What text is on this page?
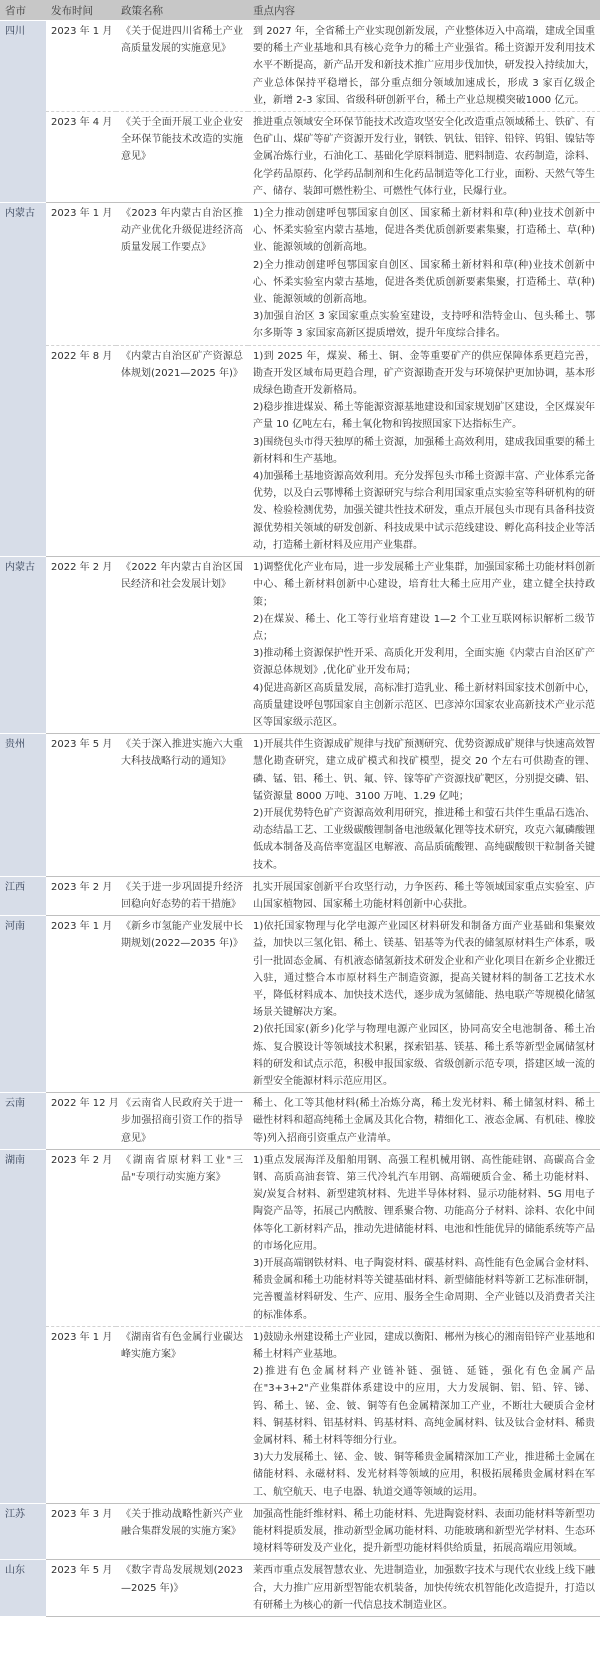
省市	发布时间	政策名称	重点内容
四川	2023 年 1 月	《关于促进四川省稀土产业高质量发展的实施意见》	到 2027 年，全省稀土产业实现创新发展，产业整体迈入中高端，建成全国重要的稀土产业基地和具有核心竞争力的稀土产业强省。稀土资源开发利用技术水平不断提高，新产品开发和新技术推广应用步伐加快，研发投入持续加大，产业总体保持平稳增长，部分重点细分领域加速成长，形成 3 家百亿级企业，新增 2-3 家国、省级科研创新平台，稀土产业总规模突破1000 亿元。

	2023 年 4 月	《关于全面开展工业企业安全环保节能技术改造的实施意见》	推进重点领域安全环保节能技术改造攻坚安全化改造重点领域稀土、铁矿、有色矿山、煤矿等矿产资源开发行业，钢铁、钒钛、铝锌、铅锌、钨钼、镍钴等金属冶炼行业，石油化工、基础化学原料制造、肥料制造、农药制造，涂料、化学药品原药、化学药品制剂和生化药品制造等化工行业，面粉、天然气等生产、储存、装卸可燃性粉尘、可燃性气体行业，民爆行业。

内蒙古	2023 年 1 月	《2023 年内蒙古自治区推动产业优化升级促进经济高质量发展工作要点》	1)全力推动创建呼包鄂国家自创区、国家稀土新材料和草(种)业技术创新中心、怀柔实验室内蒙古基地，促进各类优质创新要素集聚，打造稀土、草(种)业、能源领域的创新高地。
2)全力推动创建呼包鄂国家自创区、国家稀土新材料和草(种)业技术创新中心、怀柔实验室内蒙古基地，促进各类优质创新要素集聚，打造稀土、草(种)业、能源领域的创新高地。
3)加强自治区 3 家国家重点实验室建设，支持呼和浩特金山、包头稀土、鄂尔多斯等 3 家国家高新区提质增效，提升年度综合排名。

	2022 年 8 月	《内蒙古自治区矿产资源总体规划(2021—2025 年)》	1)到 2025 年，煤炭、稀土、铜、金等重要矿产的供应保障体系更趋完善，勘查开发区域布局更趋合理，矿产资源勘查开发与环境保护更加协调，基本形成绿色勘查开发新格局。
2)稳步推进煤炭、稀土等能源资源基地建设和国家规划矿区建设，全区煤炭年产量 10 亿吨左右，稀土氧化物和钨按照国家下达指标生产。
3)围绕包头市得天独厚的稀土资源，加强稀土高效利用，建成我国重要的稀土新材料和生产基地。
4)加强稀土基地资源高效利用。充分发挥包头市稀土资源丰富、产业体系完备优势，以及白云鄂博稀土资源研究与综合利用国家重点实验室等科研机构的研发、检验检测优势，加强关键共性技术研发，重点开展包头市现有具备科技资源优势相关领域的研发创新、科技成果中试示范线建设、孵化高科技企业等活动，打造稀土新材料及应用产业集群。

内蒙古	2022 年 2 月	《2022 年内蒙古自治区国民经济和社会发展计划》	1)调整优化产业布局，进一步发展稀土产业集群，加强国家稀土功能材料创新中心、稀土新材料创新中心建设，培育壮大稀土应用产业，建立健全扶持政策；
2)在煤炭、稀土、化工等行业培育建设 1—2 个工业互联网标识解析二级节点；
3)推动稀土资源保护性开采、高质化开发利用，全面实施《内蒙古自治区矿产资源总体规划》,优化矿业开发布局；
4)促进高新区高质量发展，高标准打造乳业、稀土新材料国家技术创新中心，高质量建设呼包鄂国家自主创新示范区、巴彦淖尔国家农业高新技术产业示范区等国家级示范区。

贵州	2023 年 5 月	《关于深入推进实施六大重大科技战略行动的通知》	1)开展共伴生资源成矿规律与找矿预测研究、优势资源成矿规律与快速高效智慧化勘查研究，建立成矿模式和找矿模型，提交 20 个左右可供勘查的锂、磷、锰、铝、稀土、钒、氟、锌、镓等矿产资源找矿靶区，分别提交磷、铝、锰资源量 8000 万吨、3100 万吨、1.29 亿吨；
2)开展优势特色矿产资源高效利用研究，推进稀土和萤石共伴生重晶石选冶、动态结晶工艺、工业级碳酸锂制备电池级氟化锂等技术研究，攻克六氟磷酸锂低成本制备及高倍率宽温区电解液、高品质硫酸锂、高纯碳酸钡干粒制备关键技术。

江西	2023 年 2 月	《关于进一步巩固提升经济回稳向好态势的若干措施》	扎实开展国家创新平台攻坚行动，力争医药、稀土等领域国家重点实验室、庐山国家植物园、国家稀土功能材料创新中心获批。

河南	2023 年 1 月	《新乡市氢能产业发展中长期规划(2022—2035 年)》	1)依托国家物理与化学电源产业园区材料研发和制备方面产业基础和集聚效益，加快以三氢化铝、稀土、镁基、铝基等为代表的储氢原材料生产体系，吸引一批固态金属、有机液态储氢新技术研发企业和产业化项目在新乡企业搬迁入驻，通过整合本市原材料生产制造资源，提高关键材料的制备工艺技术水平，降低材料成本、加快技术迭代，逐步成为氢储能、热电联产等规模化储氢场景关键解决方案。
2)依托国家(新乡)化学与物理电源产业园区，协同高安全电池制备、稀土冶炼、复合膜设计等领域技术积累，探索铝基、镁基、稀土系等新型金属储氢材料的研发和试点示范，积极申报国家级、省级创新示范专项，搭建区域一流的新型安全能源材料示范应用区。

云南	2022 年 12 月	《云南省人民政府关于进一步加强招商引资工作的指导意见》	稀土、化工等其他材料(稀土冶炼分离，稀土发光材料、稀土储氢材料、稀土磁性材料和超高纯稀土金属及其化合物，精细化工、液态金属、有机硅、橡胶等)列入招商引资重点产业清单。

湖南	2023 年 2 月	《湖南省原材料工业"三品"专项行动实施方案》	1)重点发展海洋及船舶用钢、高强工程机械用钢、高性能硅钢、高碳高合金钢、高质高油套管、第三代冷轧汽车用钢、高端硬质合金、稀土功能材料、炭/炭复合材料、新型建筑材料、先进半导体材料、显示功能材料、5G 用电子陶瓷产品等，拓展己内酰胺、锂系聚合物、功能高分子材料、涂料、农化中间体等化工新材料产品，推动先进储能材料、电池和性能优异的储能系统等产品的市场化应用。
3)开展高端钢铁材料、电子陶瓷材料、碳基材料、高性能有色金属合金材料、稀贵金属和稀土功能材料等关键基础材料、新型储能材料等新工艺标准研制，完善覆盖材料研发、生产、应用、服务全生命周期、全产业链以及消费者关注的标准体系。

	2023 年 1 月	《湖南省有色金属行业碳达峰实施方案》	1)鼓励永州建设稀土产业园，建成以衡阳、郴州为核心的湘南铅锌产业基地和稀土材料产业基地。
2)推进有色金属材料产业链补链、强链、延链，强化有色金属产品在"3+3+2"产业集群体系建设中的应用，大力发展铜、铝、铅、锌、锑、钨、稀土、铋、金、铍、铜等有色金属精深加工产业，不断壮大硬质合金材料、铜基材料、铝基材料、钨基材料、高纯金属材料、钛及钛合金材料、稀贵金属材料、稀土材料等细分行业。
3)大力发展稀土、铋、金、铍、铜等稀贵金属精深加工产业，推进稀土金属在储能材料、永磁材料、发光材料等领域的应用，积极拓展稀贵金属材料在军工、航空航天、电子电器、轨道交通等领域的运用。

江苏	2023 年 3 月	《关于推动战略性新兴产业融合集群发展的实施方案》	加强高性能纤维材料、稀土功能材料、先进陶瓷材料、表面功能材料等新型功能材料提质发展，推动新型金属功能材料、功能玻璃和新型光学材料、生态环境材料等研发及产业化，提升新型功能材料供给质量，拓展高端应用领域。

山东	2023 年 5 月	《数字青岛发展规划(2023—2025 年)》	莱西市重点发展智慧农业、先进制造业，加强数字技术与现代农业线上线下融合，大力推广应用新型智能农机装备，加快传统农机智能化改造提升，打造以有研稀土为核心的新一代信息技术制造业区。
